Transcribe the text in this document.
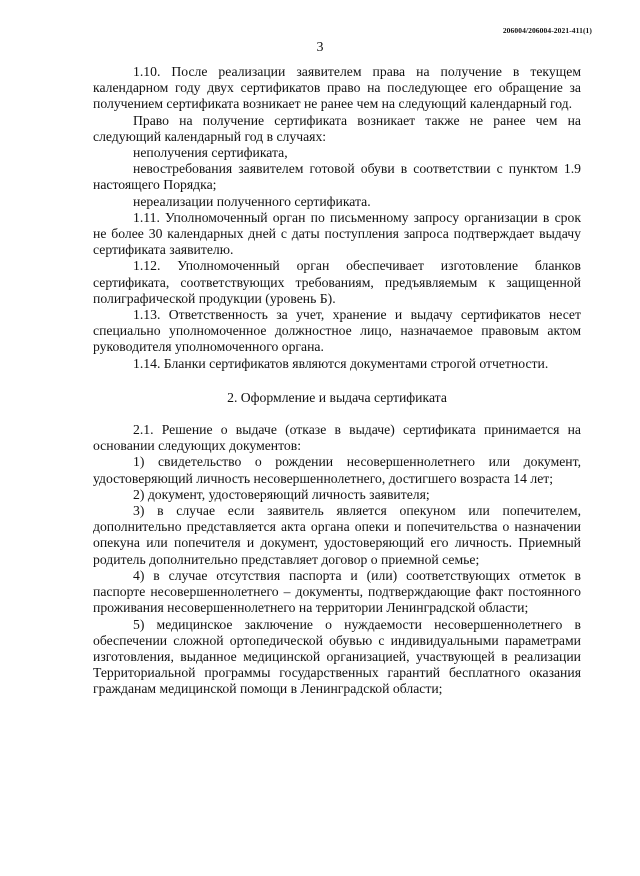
206004/206004-2021-411(1)
3

1.10. После реализации заявителем права на получение в текущем календарном году двух сертификатов право на последующее его обращение за получением сертификата возникает не ранее чем на следующий календарный год.

Право на получение сертификата возникает также не ранее чем на следующий календарный год в случаях:

неполучения сертификата,

невостребования заявителем готовой обуви в соответствии с пунктом 1.9 настоящего Порядка;

нереализации полученного сертификата.

1.11. Уполномоченный орган по письменному запросу организации в срок не более 30 календарных дней с даты поступления запроса подтверждает выдачу сертификата заявителю.

1.12. Уполномоченный орган обеспечивает изготовление бланков сертификата, соответствующих требованиям, предъявляемым к защищенной полиграфической продукции (уровень Б).

1.13. Ответственность за учет, хранение и выдачу сертификатов несет специально уполномоченное должностное лицо, назначаемое правовым актом руководителя уполномоченного органа.

1.14. Бланки сертификатов являются документами строгой отчетности.

2. Оформление и выдача сертификата

2.1. Решение о выдаче (отказе в выдаче) сертификата принимается на основании следующих документов:

1) свидетельство о рождении несовершеннолетнего или документ, удостоверяющий личность несовершеннолетнего, достигшего возраста 14 лет;

2) документ, удостоверяющий личность заявителя;

3) в случае если заявитель является опекуном или попечителем, дополнительно представляется акта органа опеки и попечительства о назначении опекуна или попечителя и документ, удостоверяющий его личность. Приемный родитель дополнительно представляет договор о приемной семье;

4) в случае отсутствия паспорта и (или) соответствующих отметок в паспорте несовершеннолетнего – документы, подтверждающие факт постоянного проживания несовершеннолетнего на территории Ленинградской области;

5) медицинское заключение о нуждаемости несовершеннолетнего в обеспечении сложной ортопедической обувью с индивидуальными параметрами изготовления, выданное медицинской организацией, участвующей в реализации Территориальной программы государственных гарантий бесплатного оказания гражданам медицинской помощи в Ленинградской области;
